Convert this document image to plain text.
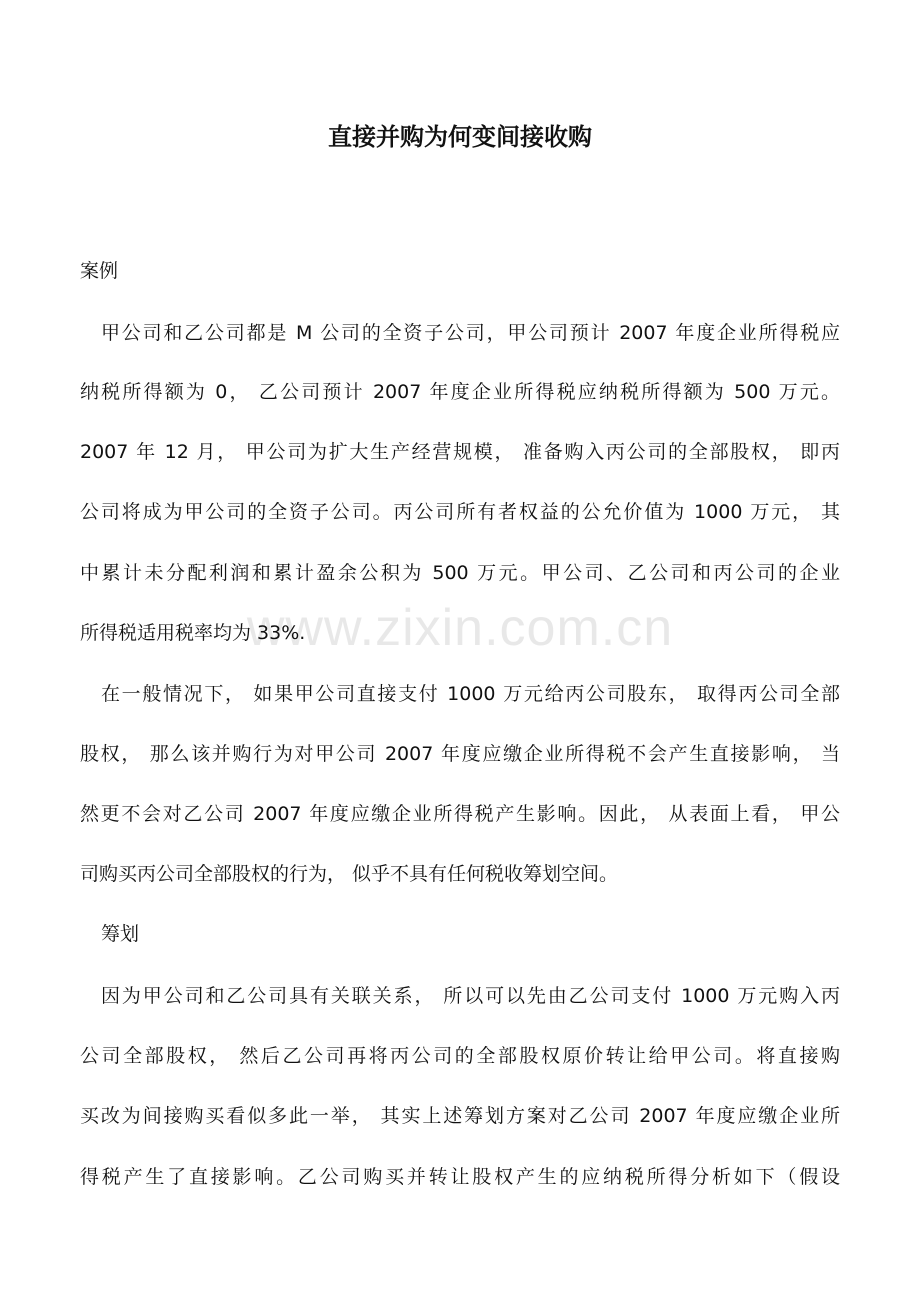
直接并购为何变间接收购
www.zixin.com.cn

案例

甲公司和乙公司都是 M 公司的全资子公司，甲公司预计 2007 年度企业所得税应
纳税所得额为 0， 乙公司预计 2007 年度企业所得税应纳税所得额为 500 万元。
2007 年 12 月， 甲公司为扩大生产经营规模， 准备购入丙公司的全部股权， 即丙
公司将成为甲公司的全资子公司。丙公司所有者权益的公允价值为 1000 万元， 其
中累计未分配利润和累计盈余公积为 500 万元。甲公司、乙公司和丙公司的企业
所得税适用税率均为 33%.
在一般情况下， 如果甲公司直接支付 1000 万元给丙公司股东， 取得丙公司全部
股权， 那么该并购行为对甲公司 2007 年度应缴企业所得税不会产生直接影响， 当
然更不会对乙公司 2007 年度应缴企业所得税产生影响。因此， 从表面上看， 甲公
司购买丙公司全部股权的行为， 似乎不具有任何税收筹划空间。

筹划

因为甲公司和乙公司具有关联关系， 所以可以先由乙公司支付 1000 万元购入丙
公司全部股权， 然后乙公司再将丙公司的全部股权原价转让给甲公司。将直接购
买改为间接购买看似多此一举， 其实上述筹划方案对乙公司 2007 年度应缴企业所
得税产生了直接影响。乙公司购买并转让股权产生的应纳税所得分析如下（假设
